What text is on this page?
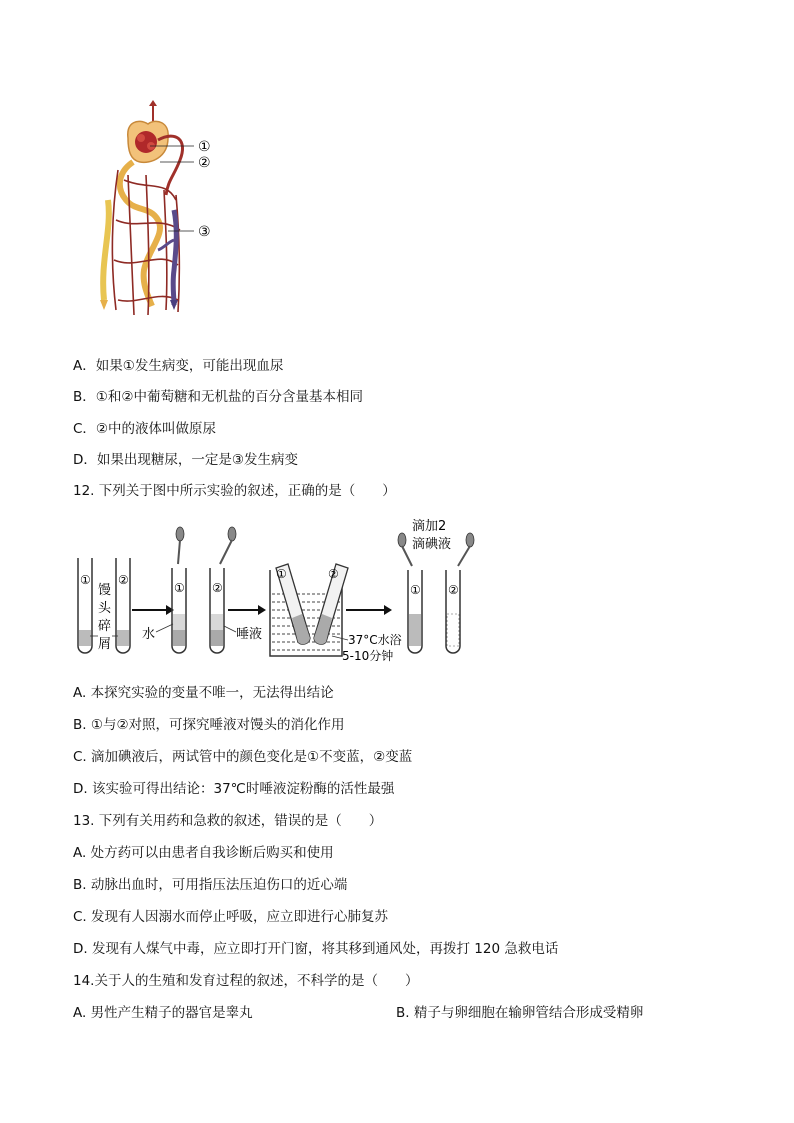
①
②
③
A．如果①发生病变，可能出现血尿
B．①和②中葡萄糖和无机盐的百分含量基本相同
C．②中的液体叫做原尿
D．如果出现糖尿，一定是③发生病变
12. 下列关于图中所示实验的叙述，正确的是（　　）
① ②
馒
头
碎
屑
① ②
水	唾液
①	②
37°C水浴
5-10分钟
滴加2
滴碘液
① ②
A. 本探究实验的变量不唯一，无法得出结论
B. ①与②对照，可探究唾液对馒头的消化作用
C. 滴加碘液后，两试管中的颜色变化是①不变蓝，②变蓝
D. 该实验可得出结论：37℃时唾液淀粉酶的活性最强
13. 下列有关用药和急救的叙述，错误的是（　　）
A. 处方药可以由患者自我诊断后购买和使用
B. 动脉出血时，可用指压法压迫伤口的近心端
C. 发现有人因溺水而停止呼吸，应立即进行心肺复苏
D. 发现有人煤气中毒，应立即打开门窗，将其移到通风处，再拨打 120 急救电话
14.关于人的生殖和发育过程的叙述，不科学的是（　　）
A. 男性产生精子的器官是睾丸	B. 精子与卵细胞在输卵管结合形成受精卵
